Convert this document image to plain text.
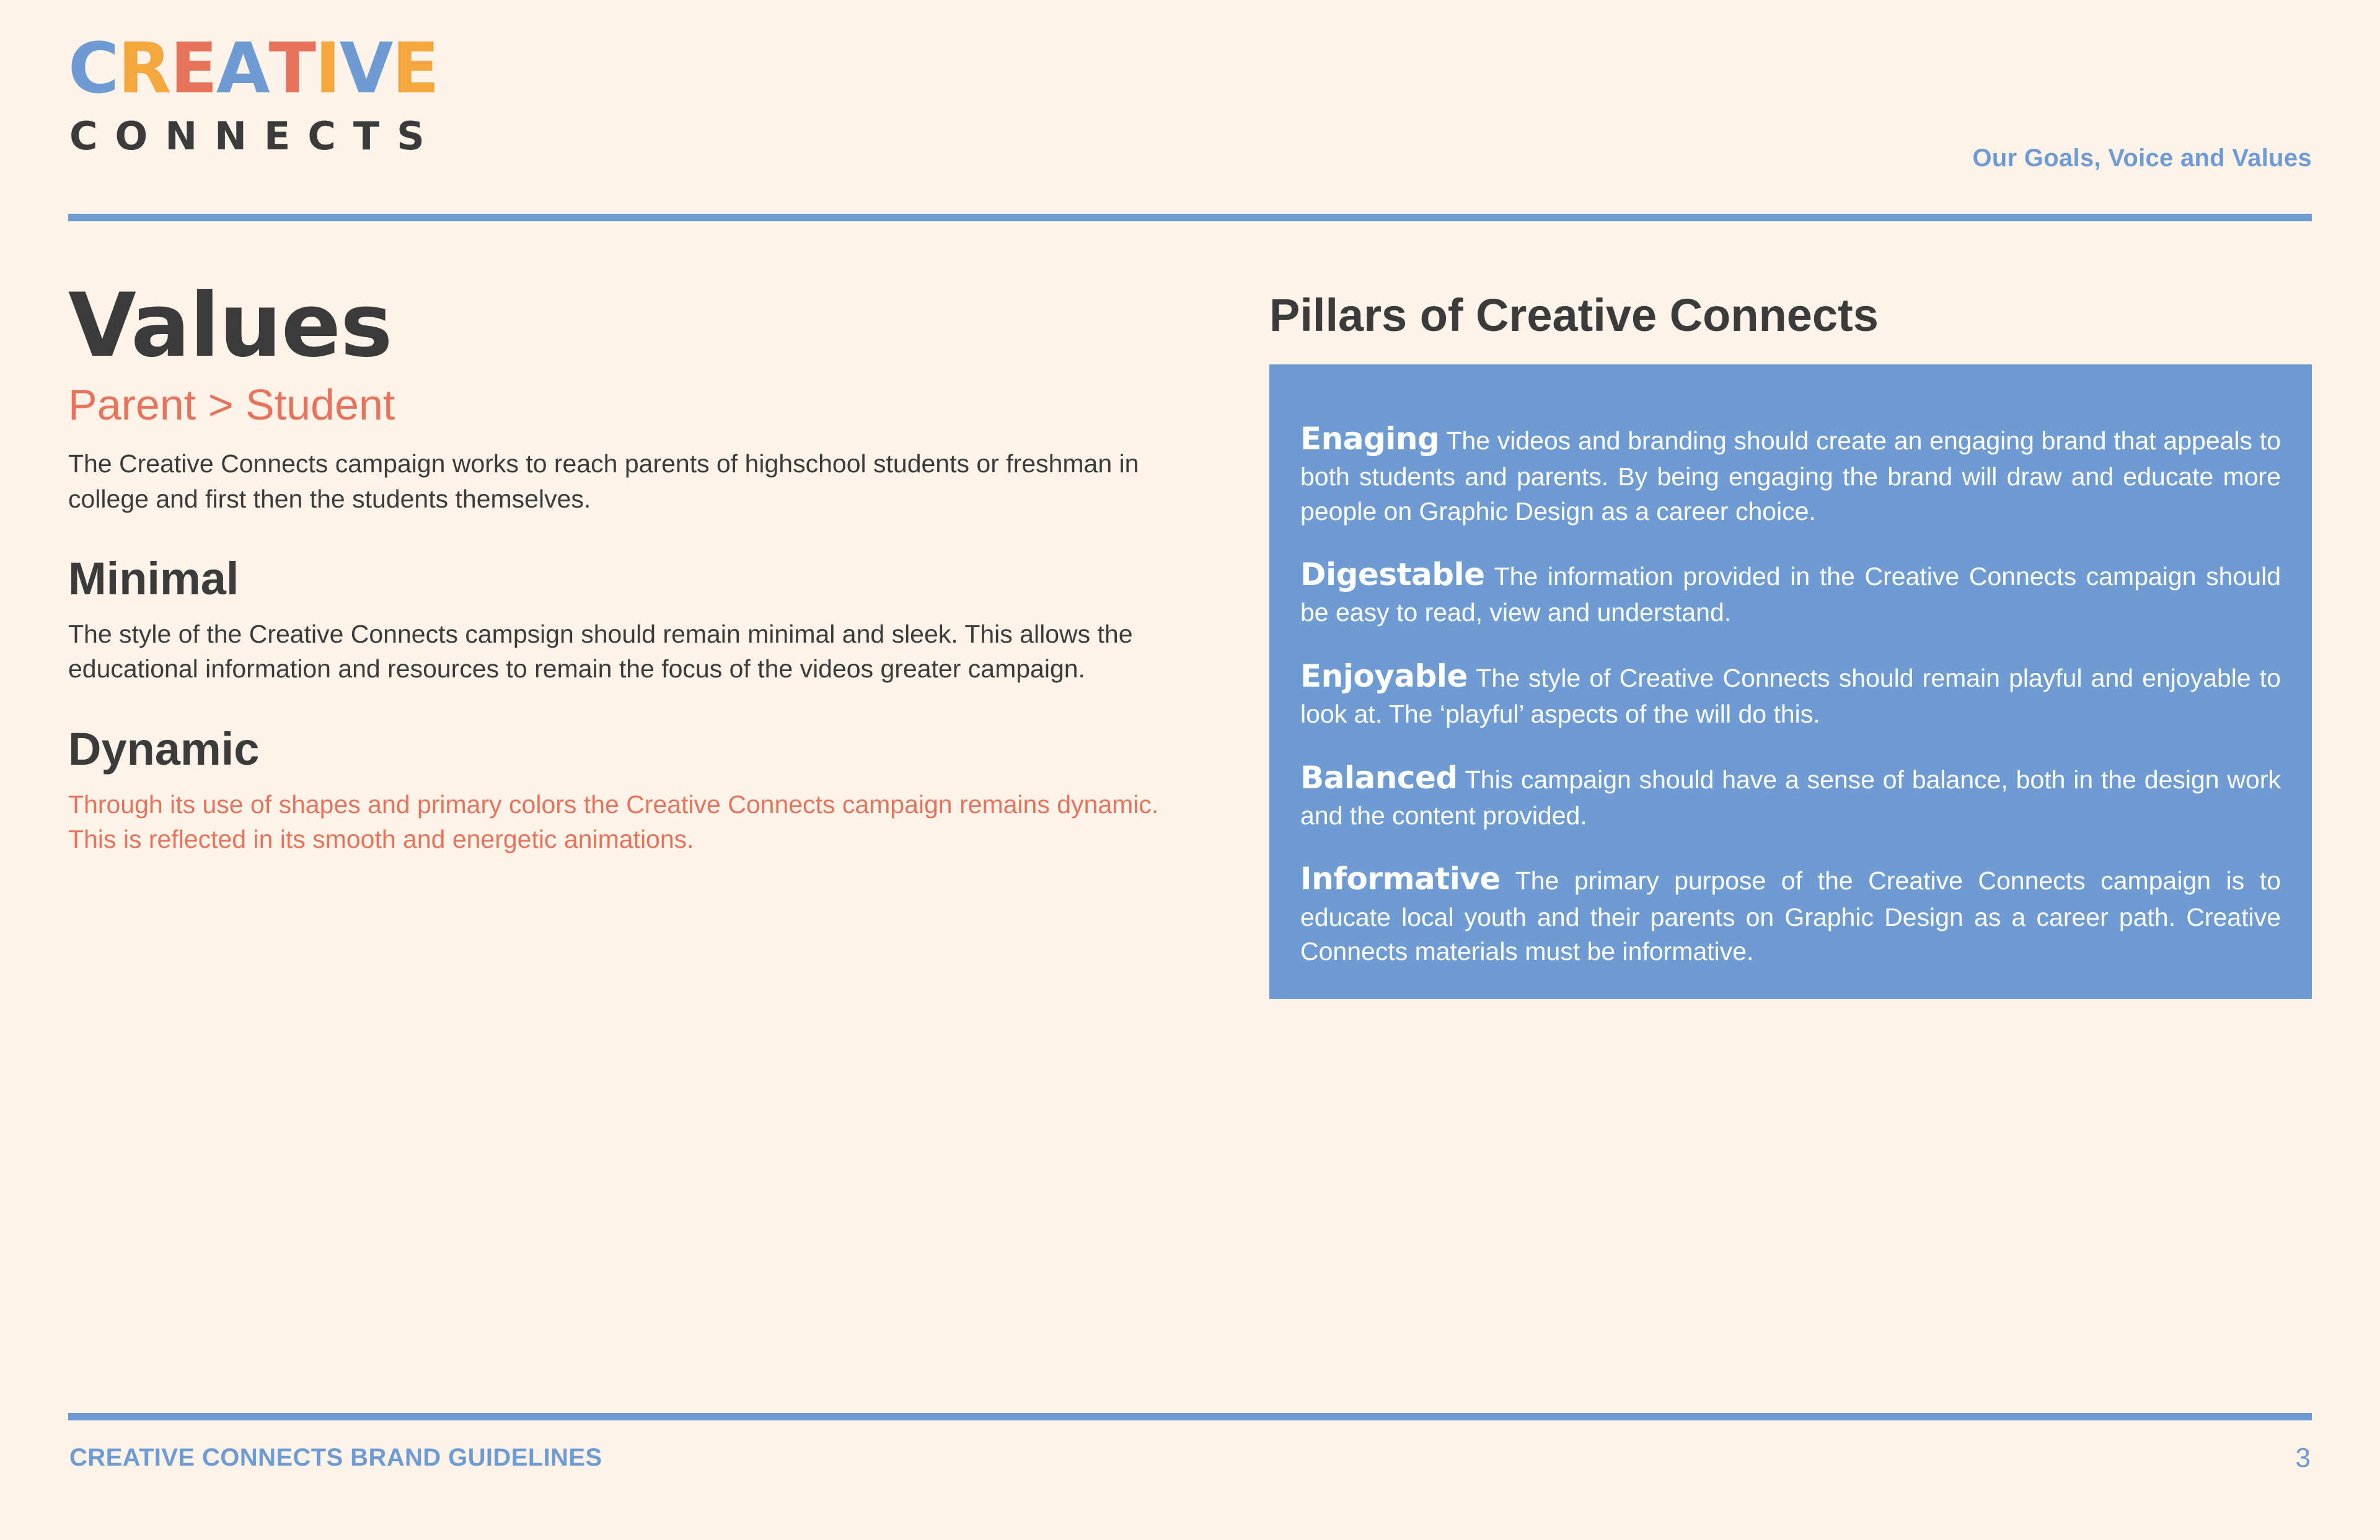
CREATIVE
CONNECTS	Our Goals, Voice and Values
Values
Parent > Student

The Creative Connects campaign works to reach parents of highschool students or freshman in college and first then the students themselves.

Minimal

The style of the Creative Connects campsign should remain minimal and sleek. This allows the educational information and resources to remain the focus of the videos greater campaign.

Dynamic

Through its use of shapes and primary colors the Creative Connects campaign remains dynamic. This is reflected in its smooth and energetic animations.

Pillars of Creative Connects

Enaging The videos and branding should create an engaging brand that appeals to both students and parents. By being engaging the brand will draw and educate more people on Graphic Design as a career choice.

Digestable The information provided in the Creative Connects campaign should be easy to read, view and understand.

Enjoyable The style of Creative Connects should remain playful and enjoyable to look at. The ‘playful’ aspects of the will do this.

Balanced This campaign should have a sense of balance, both in the design work and the content provided.

Informative The primary purpose of the Creative Connects campaign is to educate local youth and their parents on Graphic Design as a career path. Creative Connects materials must be informative.

CREATIVE CONNECTS BRAND GUIDELINES	3
